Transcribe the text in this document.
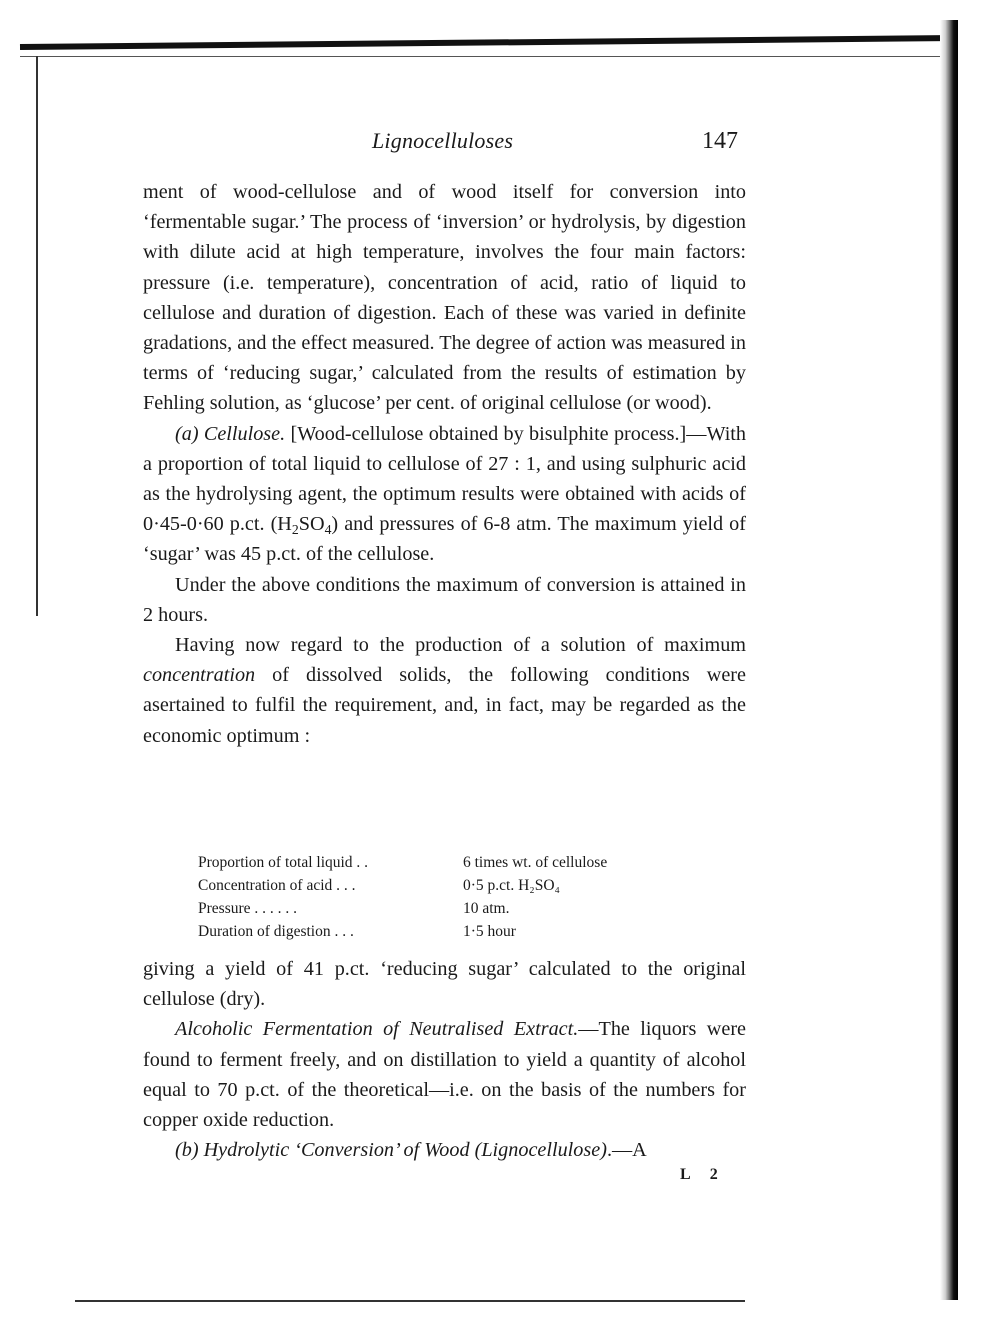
Lignocelluloses	147

ment of wood-cellulose and of wood itself for conversion into ‘fermentable sugar.’ The process of ‘inversion’ or hydrolysis, by digestion with dilute acid at high temperature, involves the four main factors: pressure (i.e. temperature), concentration of acid, ratio of liquid to cellulose and duration of digestion. Each of these was varied in definite gradations, and the effect measured. The degree of action was measured in terms of ‘reducing sugar,’ calculated from the results of estimation by Fehling solution, as ‘glucose’ per cent. of original cellulose (or wood).

(a) Cellulose. [Wood-cellulose obtained by bisulphite process.]—With a proportion of total liquid to cellulose of 27 : 1, and using sulphuric acid as the hydrolysing agent, the optimum results were obtained with acids of 0·45-0·60 p.ct. $(H_2SO_4)$ and pressures of 6-8 atm. The maximum yield of ‘sugar’ was 45 p.ct. of the cellulose.

Under the above conditions the maximum of conversion is attained in 2 hours.

Having now regard to the production of a solution of maximum concentration of dissolved solids, the following conditions were asertained to fulfil the requirement, and, in fact, may be regarded as the economic optimum :

Proportion of total liquid . .	6 times wt. of cellulose
Concentration of acid . . .	0·5 p.ct. H₂SO₄
Pressure . . . . . .	10 atm.
Duration of digestion . . .	1·5 hour

giving a yield of 41 p.ct. ‘reducing sugar’ calculated to the original cellulose (dry).

Alcoholic Fermentation of Neutralised Extract.—The liquors were found to ferment freely, and on distillation to yield a quantity of alcohol equal to 70 p.ct. of the theoretical—i.e. on the basis of the numbers for copper oxide reduction.

(b) Hydrolytic ‘Conversion’ of Wood (Lignocellulose).—A

L 2
